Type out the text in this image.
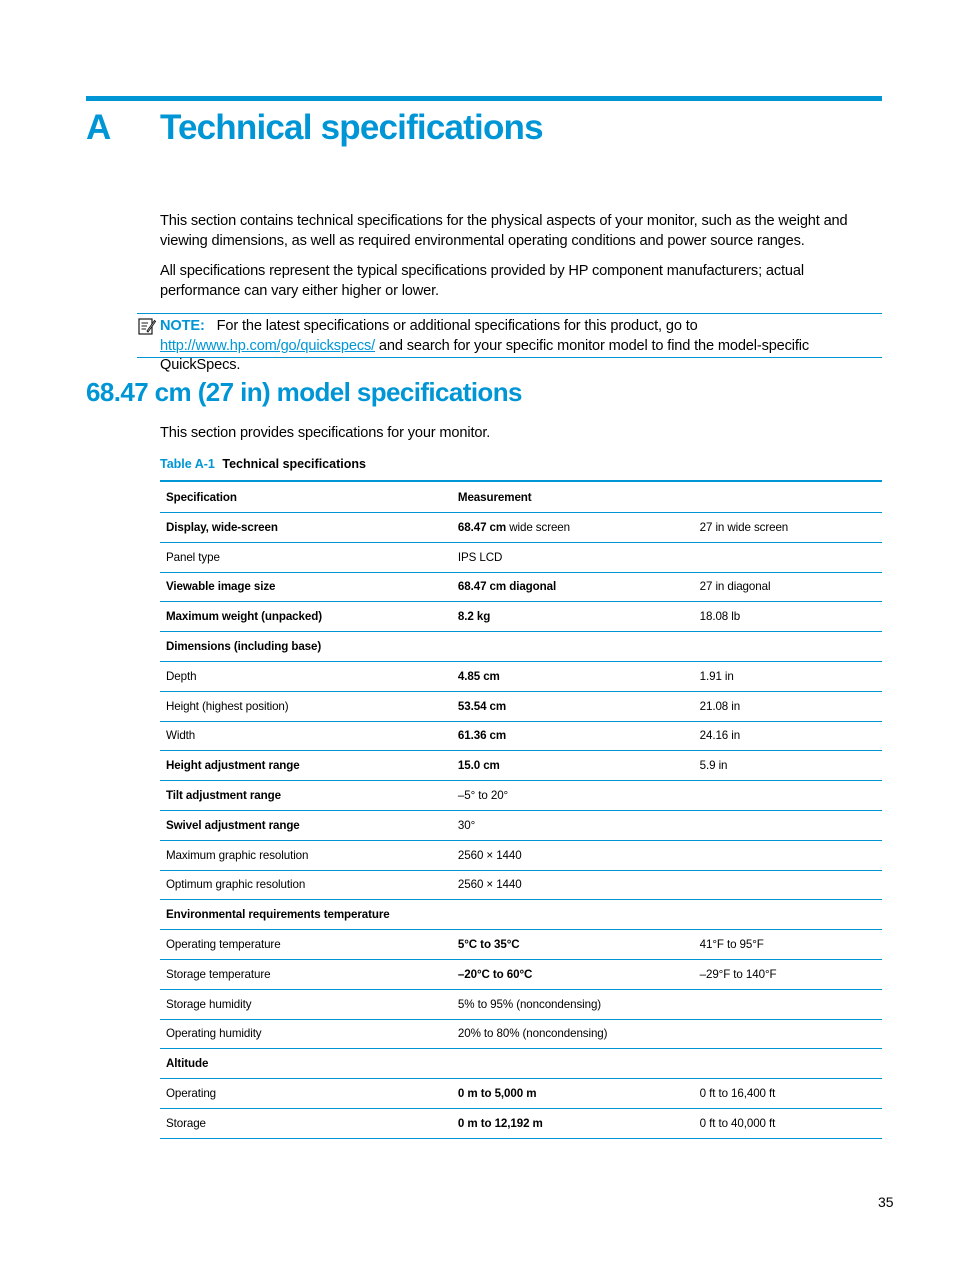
A Technical specifications

This section contains technical specifications for the physical aspects of your monitor, such as the weight and viewing dimensions, as well as required environmental operating conditions and power source ranges.

All specifications represent the typical specifications provided by HP component manufacturers; actual performance can vary either higher or lower.

NOTE: For the latest specifications or additional specifications for this product, go to http://www.hp.com/go/quickspecs/ and search for your specific monitor model to find the model-specific QuickSpecs.
68.47 cm (27 in) model specifications

This section provides specifications for your monitor.

Table A-1 Technical specifications
Specification	Measurement	
Display, wide-screen	68.47 cm wide screen	27 in wide screen
Panel type	IPS LCD	
Viewable image size	68.47 cm diagonal	27 in diagonal
Maximum weight (unpacked)	8.2 kg	18.08 lb
Dimensions (including base)		
Depth	4.85 cm	1.91 in
Height (highest position)	53.54 cm	21.08 in
Width	61.36 cm	24.16 in
Height adjustment range	15.0 cm	5.9 in
Tilt adjustment range	–5° to 20°	
Swivel adjustment range	30°	
Maximum graphic resolution	2560 × 1440	
Optimum graphic resolution	2560 × 1440	
Environmental requirements temperature		
Operating temperature	5°C to 35°C	41°F to 95°F
Storage temperature	–20°C to 60°C	–29°F to 140°F
Storage humidity	5% to 95% (noncondensing)	
Operating humidity	20% to 80% (noncondensing)	
Altitude		
Operating	0 m to 5,000 m	0 ft to 16,400 ft
Storage	0 m to 12,192 m	0 ft to 40,000 ft
35
